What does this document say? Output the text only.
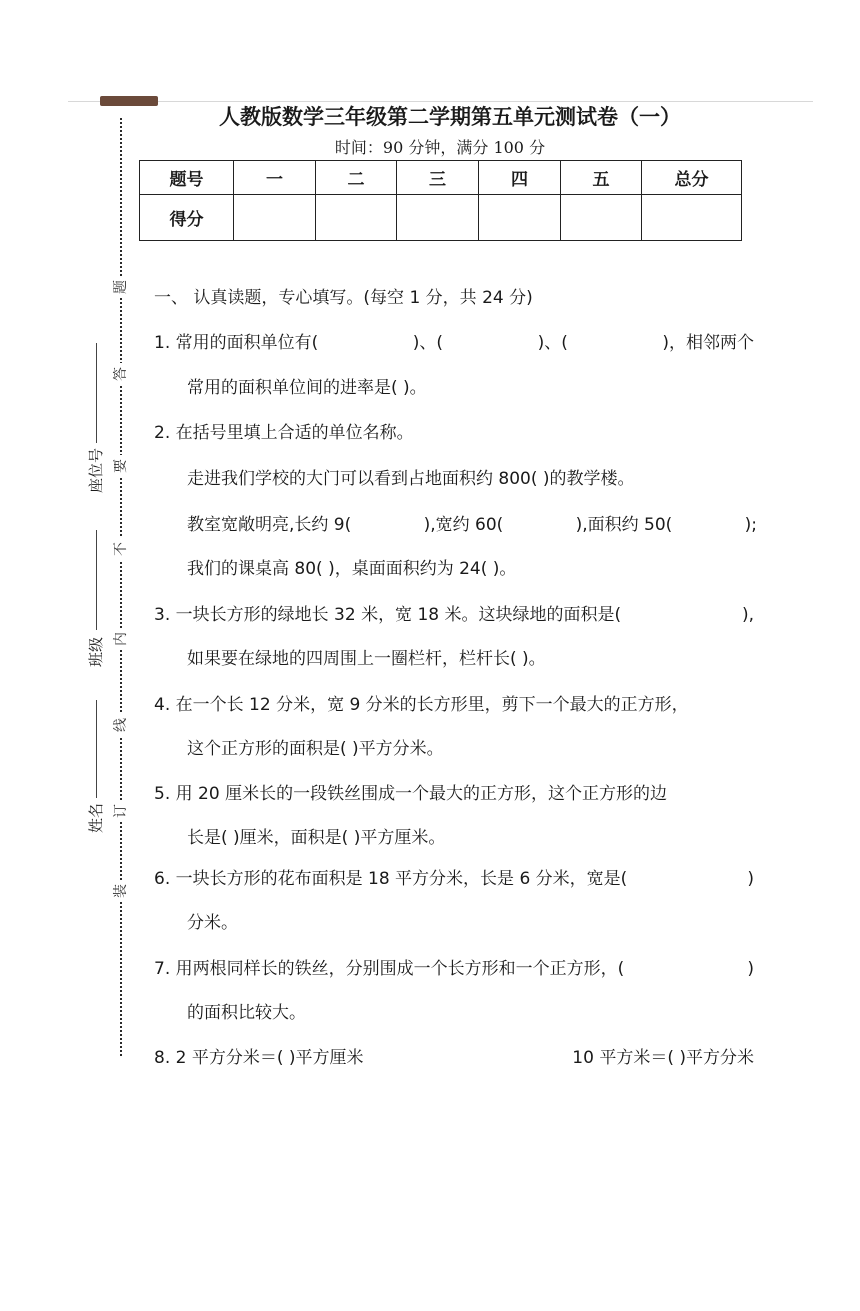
题
答
要
不
内
线
订
装
座位号
班级
姓名
人教版数学三年级第二学期第五单元测试卷（一）
时间：90 分钟，满分 100 分
题号	一	二	三	四	五	总分
得分						
一、 认真读题，专心填写。(每空 1 分，共 24 分)
1. 常用的面积单位有(	)、(	)、(	)，相邻两个
常用的面积单位间的进率是( )。
2. 在括号里填上合适的单位名称。
走进我们学校的大门可以看到占地面积约 800( )的教学楼。
教室宽敞明亮,长约 9(	),宽约 60(	),面积约 50(	);
我们的课桌高 80( )，桌面面积约为 24( )。
3. 一块长方形的绿地长 32 米，宽 18 米。这块绿地的面积是(	),
如果要在绿地的四周围上一圈栏杆，栏杆长( )。
4. 在一个长 12 分米，宽 9 分米的长方形里，剪下一个最大的正方形，
这个正方形的面积是( )平方分米。
5. 用 20 厘米长的一段铁丝围成一个最大的正方形，这个正方形的边
长是( )厘米，面积是( )平方厘米。
6. 一块长方形的花布面积是 18 平方分米，长是 6 分米，宽是(	)
分米。
7. 用两根同样长的铁丝，分别围成一个长方形和一个正方形，(	)
的面积比较大。
8. 2 平方分米＝( )平方厘米	10 平方米＝( )平方分米
